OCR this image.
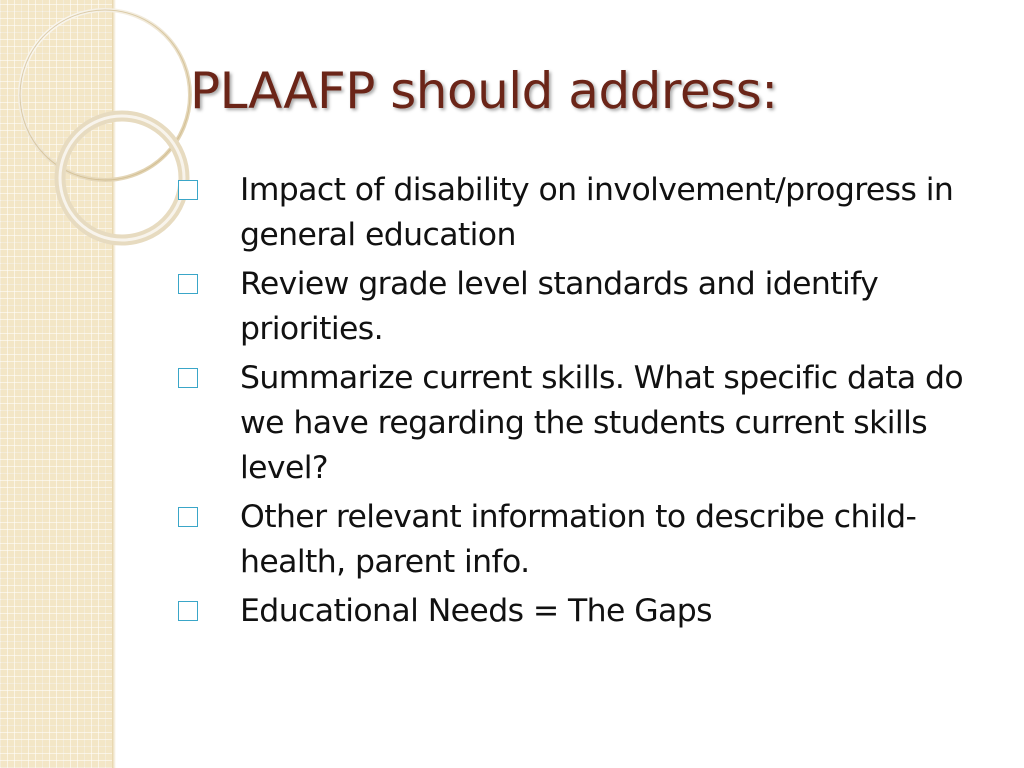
PLAAFP should address:
Impact of disability on involvement/progress in general education
Review grade level standards and identify priorities.
Summarize current skills. What specific data do we have regarding the students current skills level?
Other relevant information to describe child-health, parent info.
Educational Needs = The Gaps
